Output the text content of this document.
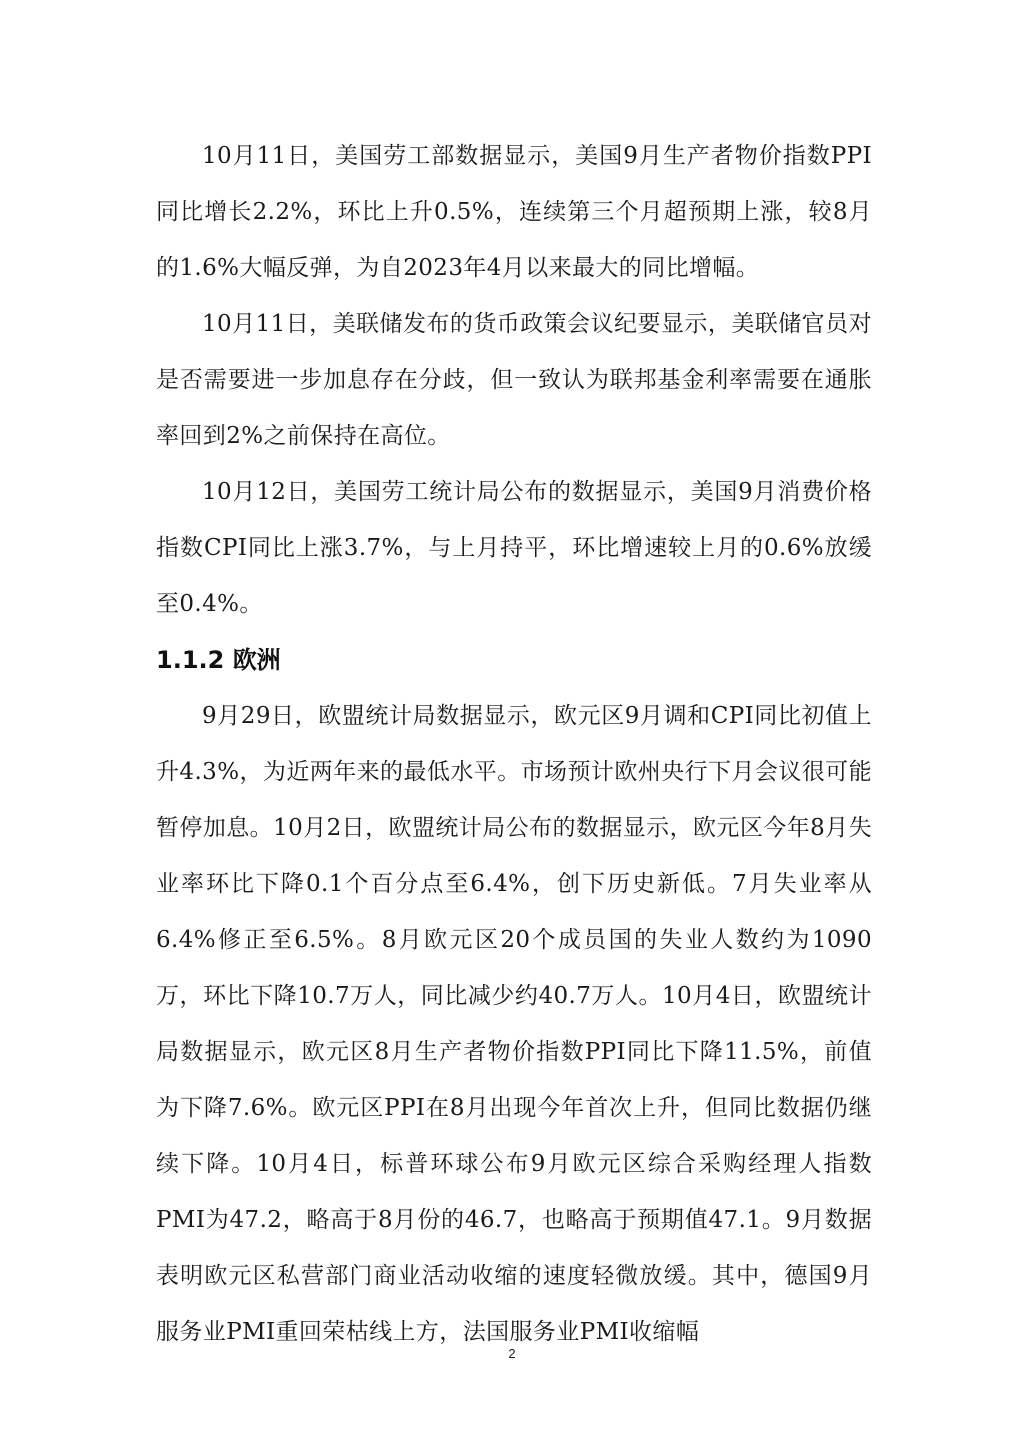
10月11日，美国劳工部数据显示，美国9月生产者物价指数PPI同比增长2.2%，环比上升0.5%，连续第三个月超预期上涨，较8月的1.6%大幅反弹，为自2023年4月以来最大的同比增幅。

10月11日，美联储发布的货币政策会议纪要显示，美联储官员对是否需要进一步加息存在分歧，但一致认为联邦基金利率需要在通胀率回到2%之前保持在高位。

10月12日，美国劳工统计局公布的数据显示，美国9月消费价格指数CPI同比上涨3.7%，与上月持平，环比增速较上月的0.6%放缓至0.4%。

1.1.2 欧洲

9月29日，欧盟统计局数据显示，欧元区9月调和CPI同比初值上升4.3%，为近两年来的最低水平。市场预计欧州央行下月会议很可能暂停加息。10月2日，欧盟统计局公布的数据显示，欧元区今年8月失业率环比下降0.1个百分点至6.4%，创下历史新低。7月失业率从6.4%修正至6.5%。8月欧元区20个成员国的失业人数约为1090万，环比下降10.7万人，同比减少约40.7万人。10月4日，欧盟统计局数据显示，欧元区8月生产者物价指数PPI同比下降11.5%，前值为下降7.6%。欧元区PPI在8月出现今年首次上升，但同比数据仍继续下降。10月4日，标普环球公布9月欧元区综合采购经理人指数PMI为47.2，略高于8月份的46.7，也略高于预期值47.1。9月数据表明欧元区私营部门商业活动收缩的速度轻微放缓。其中，德国9月服务业PMI重回荣枯线上方，法国服务业PMI收缩幅

2
